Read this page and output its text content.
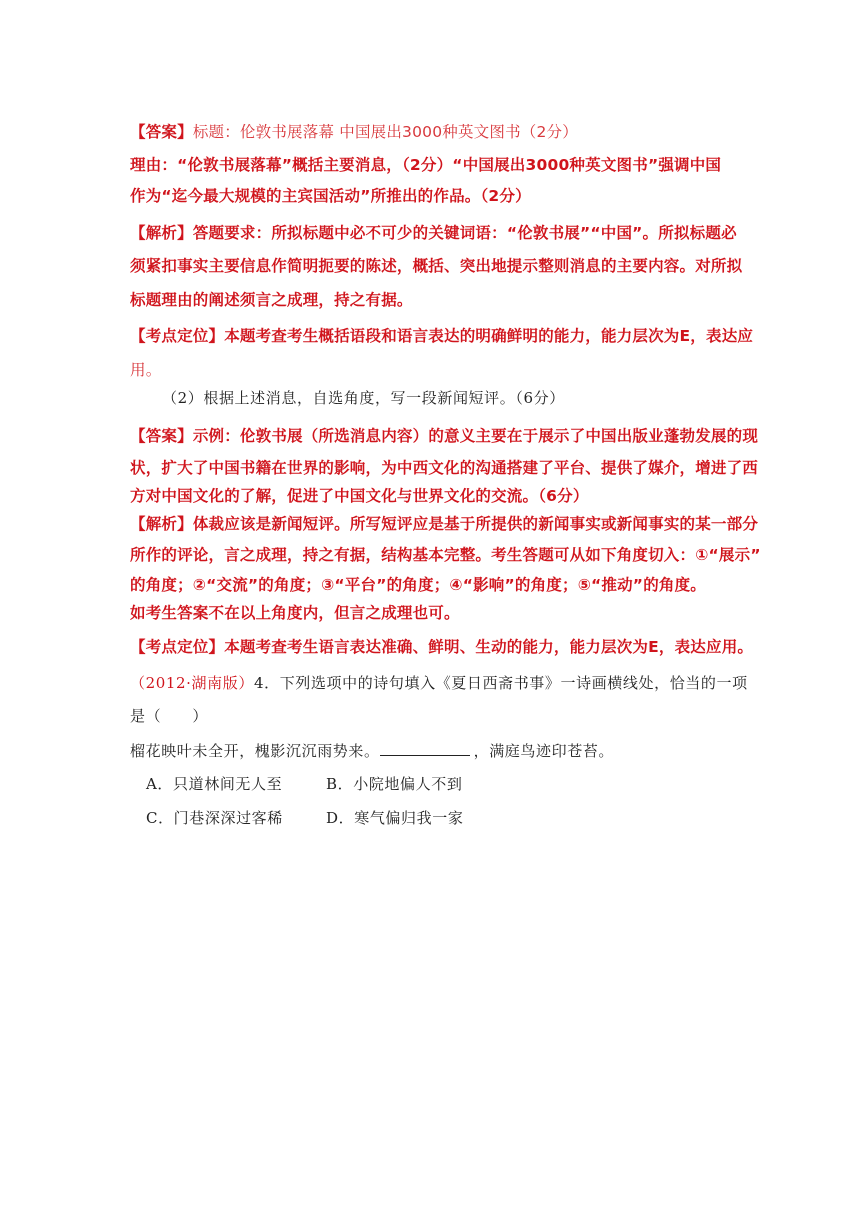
【答案】标题：伦敦书展落幕 中国展出3000种英文图书（2分）
理由：“伦敦书展落幕”概括主要消息，（2分）“中国展出3000种英文图书”强调中国
作为“迄今最大规模的主宾国活动”所推出的作品。（2分）
【解析】答题要求：所拟标题中必不可少的关键词语：“伦敦书展”“中国”。所拟标题必
须紧扣事实主要信息作简明扼要的陈述，概括、突出地提示整则消息的主要内容。对所拟
标题理由的阐述须言之成理，持之有据。
【考点定位】本题考查考生概括语段和语言表达的明确鲜明的能力，能力层次为E，表达应
用。
（2）根据上述消息，自选角度，写一段新闻短评。（6分）
【答案】示例：伦敦书展（所选消息内容）的意义主要在于展示了中国出版业蓬勃发展的现
状，扩大了中国书籍在世界的影响，为中西文化的沟通搭建了平台、提供了媒介，增进了西
方对中国文化的了解，促进了中国文化与世界文化的交流。（6分）
【解析】体裁应该是新闻短评。所写短评应是基于所提供的新闻事实或新闻事实的某一部分
所作的评论，言之成理，持之有据，结构基本完整。考生答题可从如下角度切入：①“展示”
的角度；②“交流”的角度；③“平台”的角度；④“影响”的角度；⑤“推动”的角度。
如考生答案不在以上角度内，但言之成理也可。
【考点定位】本题考查考生语言表达准确、鲜明、生动的能力，能力层次为E，表达应用。
（2012·湖南版）4．下列选项中的诗句填入《夏日西斋书事》一诗画横线处，恰当的一项
是（　　）
榴花映叶未全开，槐影沉沉雨势来。	，满庭鸟迹印苍苔。
A．只道林间无人至	B．小院地偏人不到
C．门巷深深过客稀	D．寒气偏归我一家
